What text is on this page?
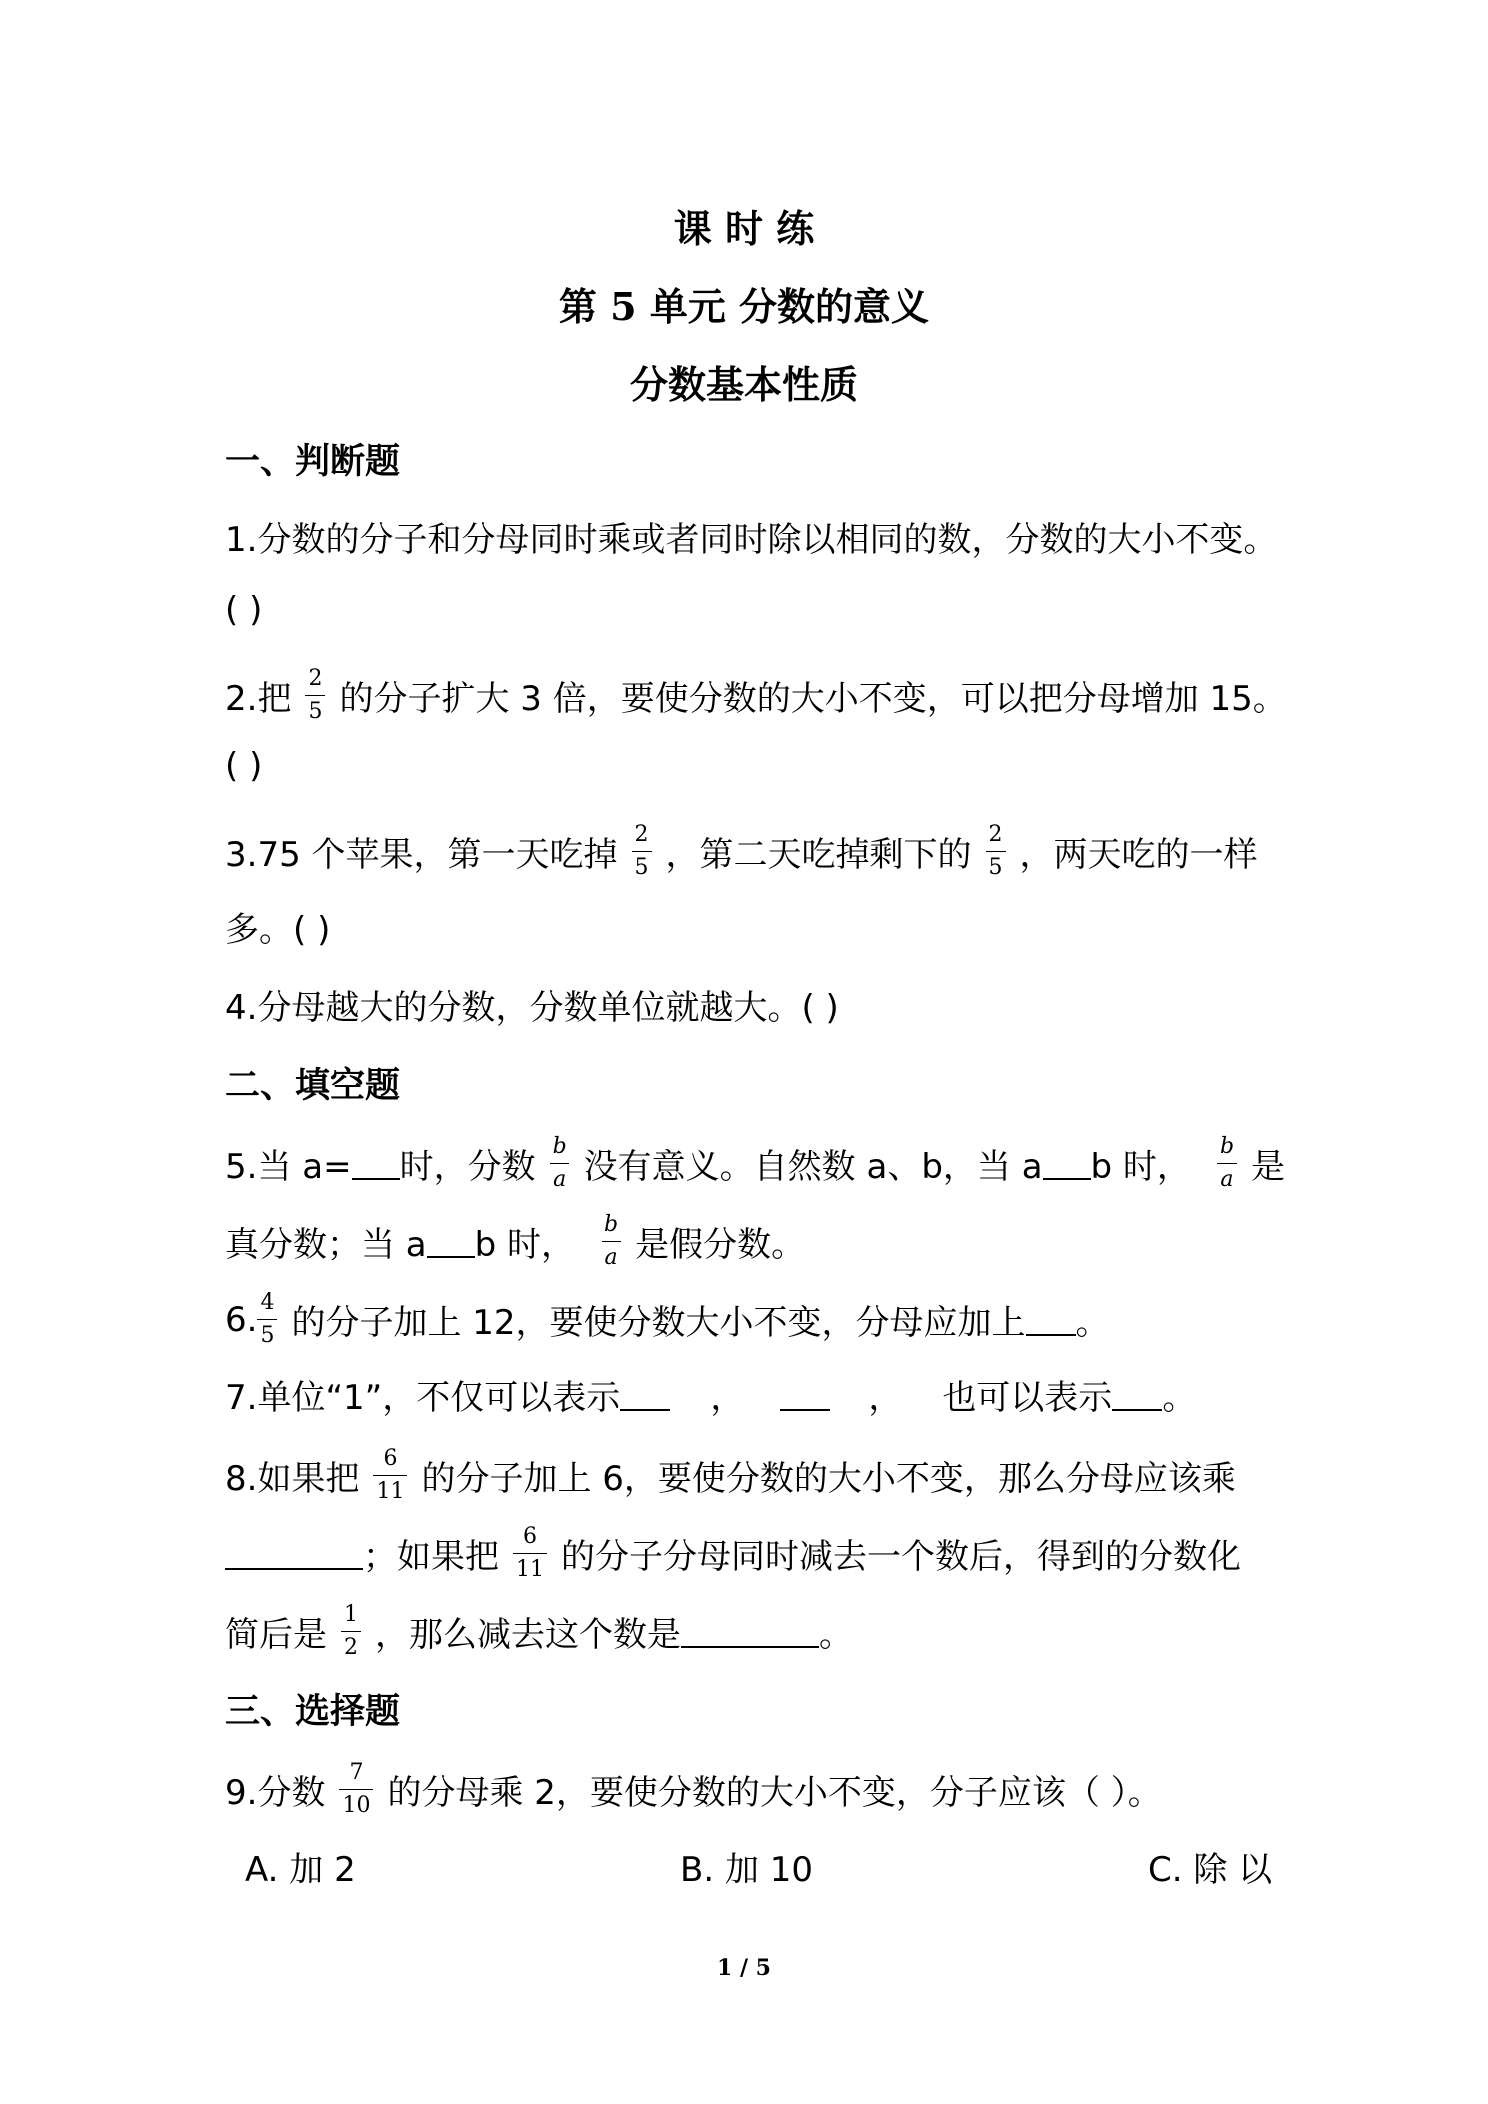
课 时 练
第 5 单元 分数的意义
分数基本性质
一、判断题
1.分数的分子和分母同时乘或者同时除以相同的数，分数的大小不变。
( )
2.把 $\frac{2}{5}$ 的分子扩大 3 倍，要使分数的大小不变，可以把分母增加 15。
( )
3.75 个苹果，第一天吃掉 $\frac{2}{5}$ ，第二天吃掉剩下的 $\frac{2}{5}$ ，两天吃的一样
多。( )
4.分母越大的分数，分数单位就越大。( )
二、填空题
5.当 a= 时，分数 $\frac{b}{a}$ 没有意义。自然数 a、b，当 a b 时， $\frac{b}{a}$ 是
真分数；当 a b 时， $\frac{b}{a}$ 是假分数。
6. $\frac{4}{5}$ 的分子加上 12，要使分数大小不变，分母应加上 。
7.单位“1”，不仅可以表示	，	， 也可以表示 。
8.如果把 $\frac{6}{11}$ 的分子加上 6，要使分数的大小不变，那么分母应该乘
；如果把 $\frac{6}{11}$ 的分子分母同时减去一个数后，得到的分数化
简后是 $\frac{1}{2}$ ，那么减去这个数是	。
三、选择题
9.分数 $\frac{7}{10}$ 的分母乘 2，要使分数的大小不变，分子应该（ ）。
A. 加 2	B. 加 10	C. 除 以
1 / 5
